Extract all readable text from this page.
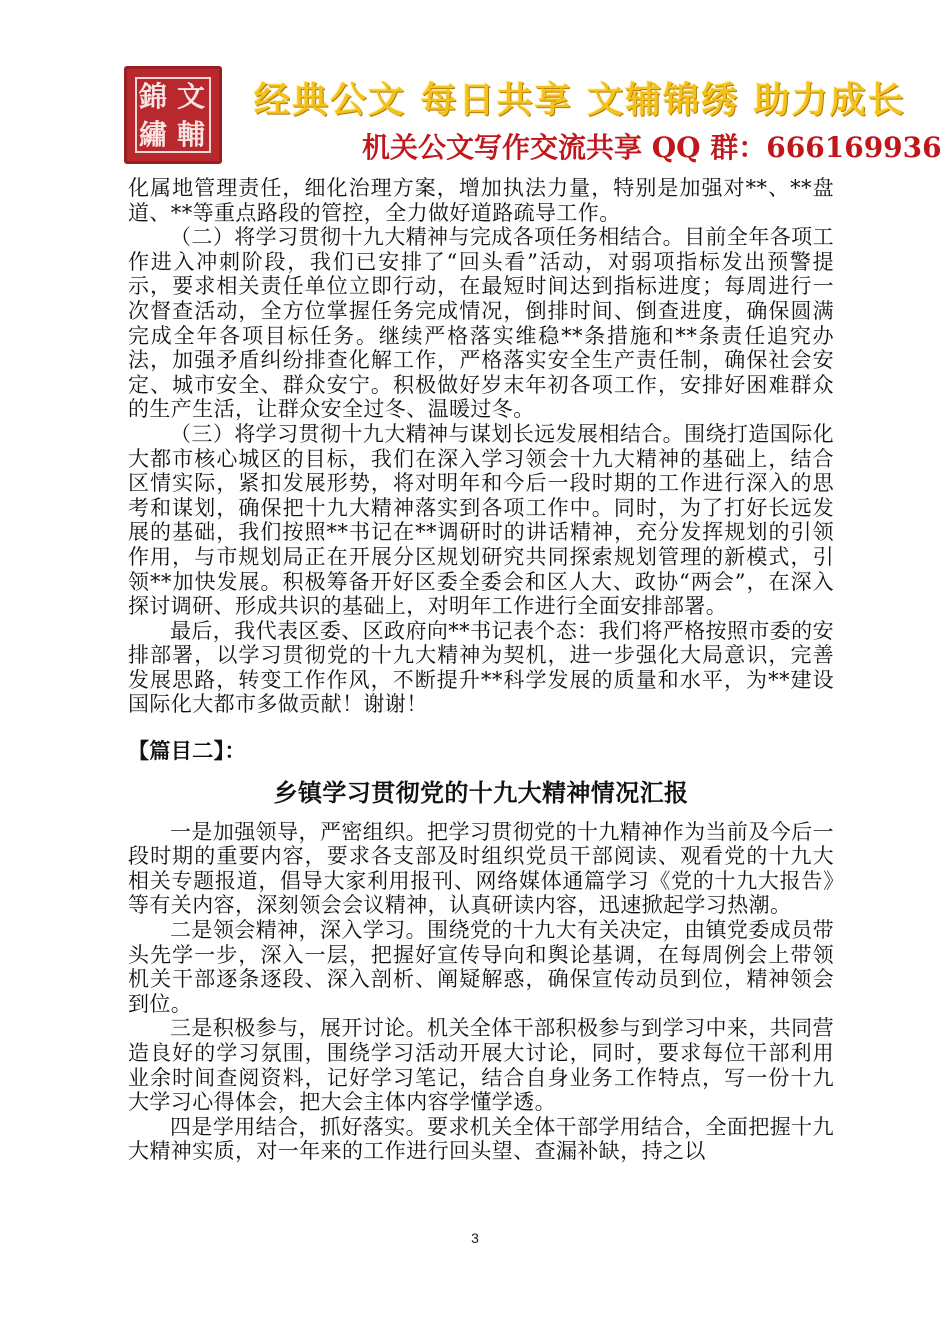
錦 文
繡 輔
经典公文 每日共享 文辅锦绣 助力成长
机关公文写作交流共享 QQ 群：666169936

化属地管理责任，细化治理方案，增加执法力量，特别是加强对**、**盘道、**等重点路段的管控，全力做好道路疏导工作。

（二）将学习贯彻十九大精神与完成各项任务相结合。目前全年各项工作进入冲刺阶段，我们已安排了“回头看”活动，对弱项指标发出预警提示，要求相关责任单位立即行动，在最短时间达到指标进度；每周进行一次督查活动，全方位掌握任务完成情况，倒排时间、倒查进度，确保圆满完成全年各项目标任务。继续严格落实维稳**条措施和**条责任追究办法，加强矛盾纠纷排查化解工作，严格落实安全生产责任制，确保社会安定、城市安全、群众安宁。积极做好岁末年初各项工作，安排好困难群众的生产生活，让群众安全过冬、温暖过冬。

（三）将学习贯彻十九大精神与谋划长远发展相结合。围绕打造国际化大都市核心城区的目标，我们在深入学习领会十九大精神的基础上，结合区情实际，紧扣发展形势，将对明年和今后一段时期的工作进行深入的思考和谋划，确保把十九大精神落实到各项工作中。同时，为了打好长远发展的基础，我们按照**书记在**调研时的讲话精神，充分发挥规划的引领作用，与市规划局正在开展分区规划研究共同探索规划管理的新模式，引领**加快发展。积极筹备开好区委全委会和区人大、政协“两会”，在深入探讨调研、形成共识的基础上，对明年工作进行全面安排部署。

最后，我代表区委、区政府向**书记表个态：我们将严格按照市委的安排部署，以学习贯彻党的十九大精神为契机，进一步强化大局意识，完善发展思路，转变工作作风，不断提升**科学发展的质量和水平，为**建设国际化大都市多做贡献！谢谢！

【篇目二】：

乡镇学习贯彻党的十九大精神情况汇报

一是加强领导，严密组织。把学习贯彻党的十九精神作为当前及今后一段时期的重要内容，要求各支部及时组织党员干部阅读、观看党的十九大相关专题报道，倡导大家利用报刊、网络媒体通篇学习《党的十九大报告》等有关内容，深刻领会会议精神，认真研读内容，迅速掀起学习热潮。

二是领会精神，深入学习。围绕党的十九大有关决定，由镇党委成员带头先学一步，深入一层，把握好宣传导向和舆论基调，在每周例会上带领机关干部逐条逐段、深入剖析、阐疑解惑，确保宣传动员到位，精神领会到位。

三是积极参与，展开讨论。机关全体干部积极参与到学习中来，共同营造良好的学习氛围，围绕学习活动开展大讨论，同时，要求每位干部利用业余时间查阅资料，记好学习笔记，结合自身业务工作特点，写一份十九大学习心得体会，把大会主体内容学懂学透。

四是学用结合，抓好落实。要求机关全体干部学用结合，全面把握十九大精神实质，对一年来的工作进行回头望、查漏补缺，持之以

3
